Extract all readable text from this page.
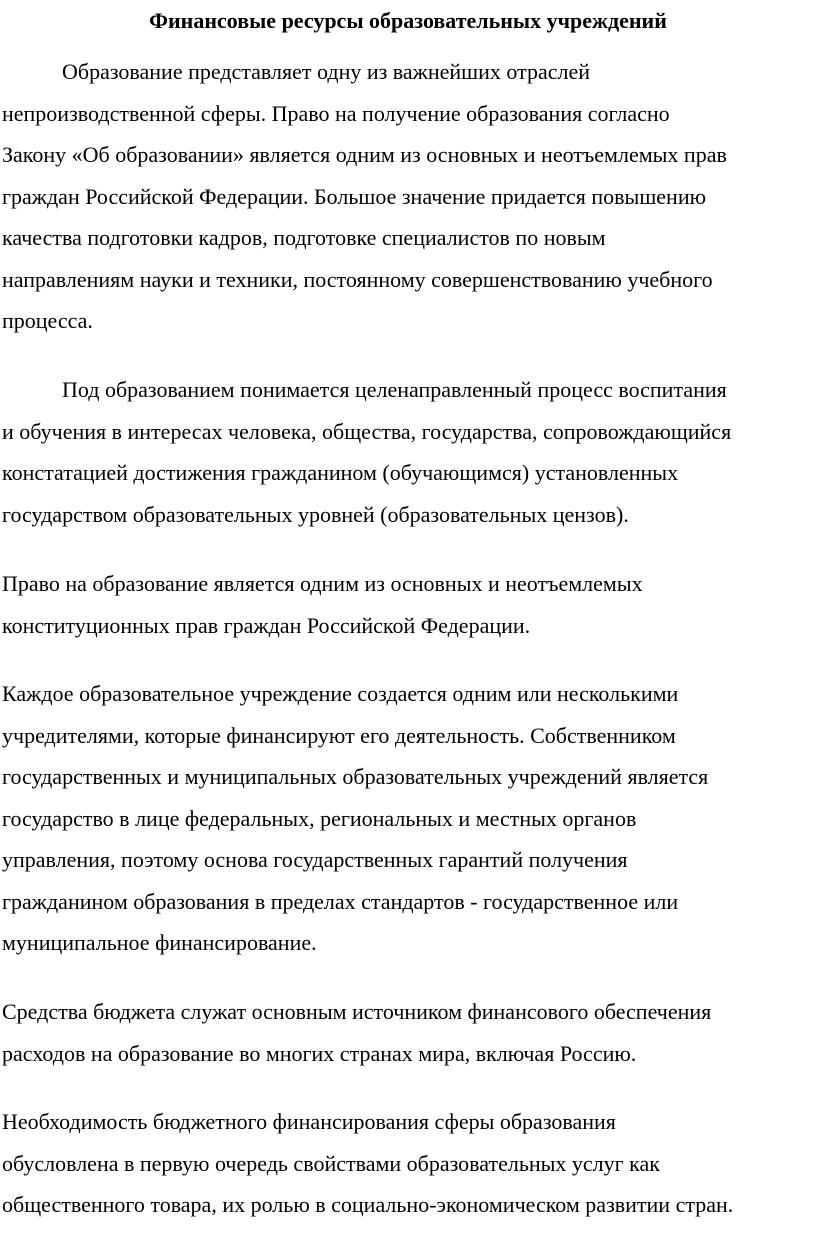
Финансовые ресурсы образовательных учреждений

Образование представляет одну из важнейших отраслей
непроизводственной сферы. Право на получение образования согласно
Закону «Об образовании» является одним из основных и неотъемлемых прав
граждан Российской Федерации. Большое значение придается повышению
качества подготовки кадров, подготовке специалистов по новым
направлениям науки и техники, постоянному совершенствованию учебного
процесса.

Под образованием понимается целенаправленный процесс воспитания
и обучения в интересах человека, общества, государства, сопровождающийся
констатацией достижения гражданином (обучающимся) установленных
государством образовательных уровней (образовательных цензов).

Право на образование является одним из основных и неотъемлемых
конституционных прав граждан Российской Федерации.

Каждое образовательное учреждение создается одним или несколькими
учредителями, которые финансируют его деятельность. Собственником
государственных и муниципальных образовательных учреждений является
государство в лице федеральных, региональных и местных органов
управления, поэтому основа государственных гарантий получения
гражданином образования в пределах стандартов - государственное или
муниципальное финансирование.

Средства бюджета служат основным источником финансового обеспечения
расходов на образование во многих странах мира, включая Россию.

Необходимость бюджетного финансирования сферы образования
обусловлена в первую очередь свойствами образовательных услуг как
общественного товара, их ролью в социально-экономическом развитии стран.
